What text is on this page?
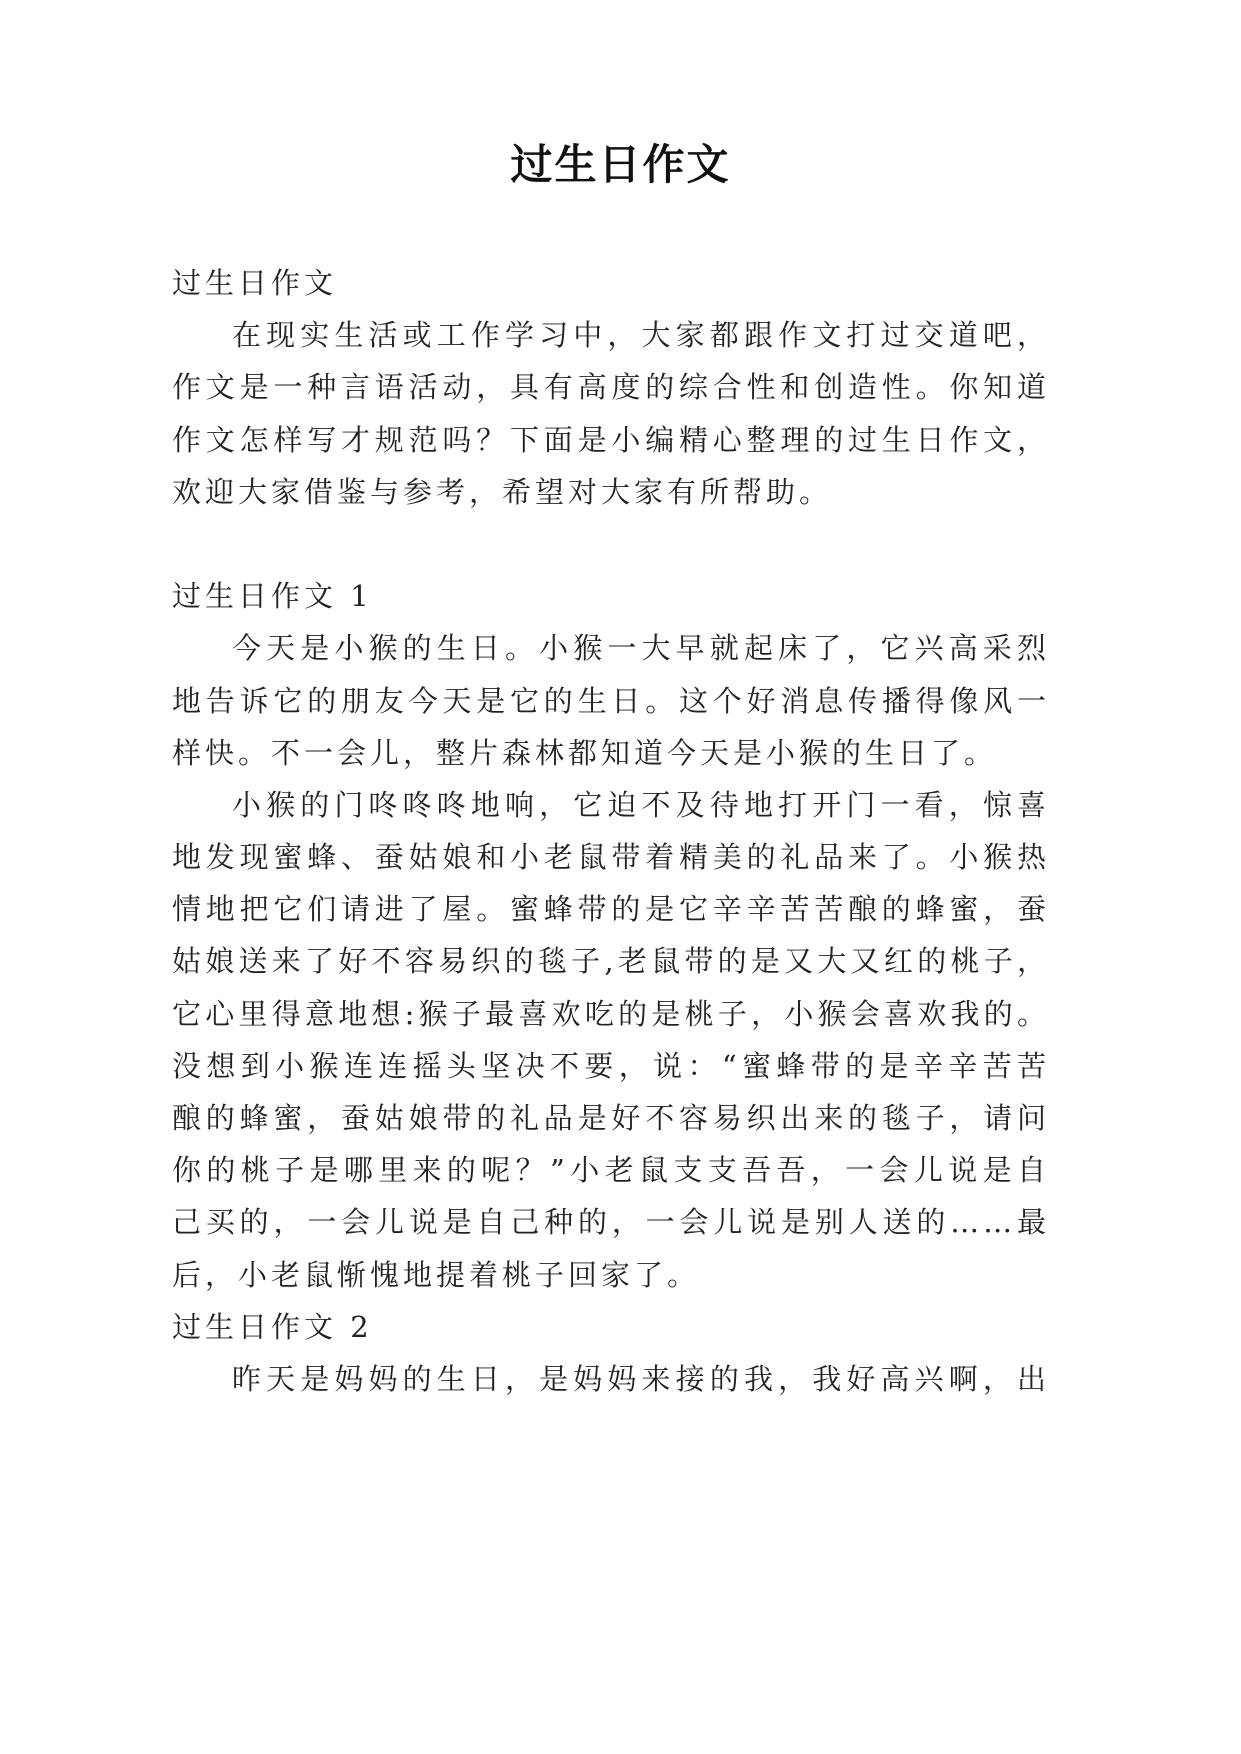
过生日作文
过生日作文
在现实生活或工作学习中，大家都跟作文打过交道吧，
作文是一种言语活动，具有高度的综合性和创造性。你知道
作文怎样写才规范吗？下面是小编精心整理的过生日作文，
欢迎大家借鉴与参考，希望对大家有所帮助。
过生日作文 1
今天是小猴的生日。小猴一大早就起床了，它兴高采烈
地告诉它的朋友今天是它的生日。这个好消息传播得像风一
样快。不一会儿，整片森林都知道今天是小猴的生日了。
小猴的门咚咚咚地响，它迫不及待地打开门一看，惊喜
地发现蜜蜂、蚕姑娘和小老鼠带着精美的礼品来了。小猴热
情地把它们请进了屋。蜜蜂带的是它辛辛苦苦酿的蜂蜜，蚕
姑娘送来了好不容易织的毯子,老鼠带的是又大又红的桃子，
它心里得意地想:猴子最喜欢吃的是桃子，小猴会喜欢我的。
没想到小猴连连摇头坚决不要，说：“蜜蜂带的是辛辛苦苦
酿的蜂蜜，蚕姑娘带的礼品是好不容易织出来的毯子，请问
你的桃子是哪里来的呢？”小老鼠支支吾吾，一会儿说是自
己买的，一会儿说是自己种的，一会儿说是别人送的……最
后，小老鼠惭愧地提着桃子回家了。
过生日作文 2
昨天是妈妈的生日，是妈妈来接的我，我好高兴啊，出
